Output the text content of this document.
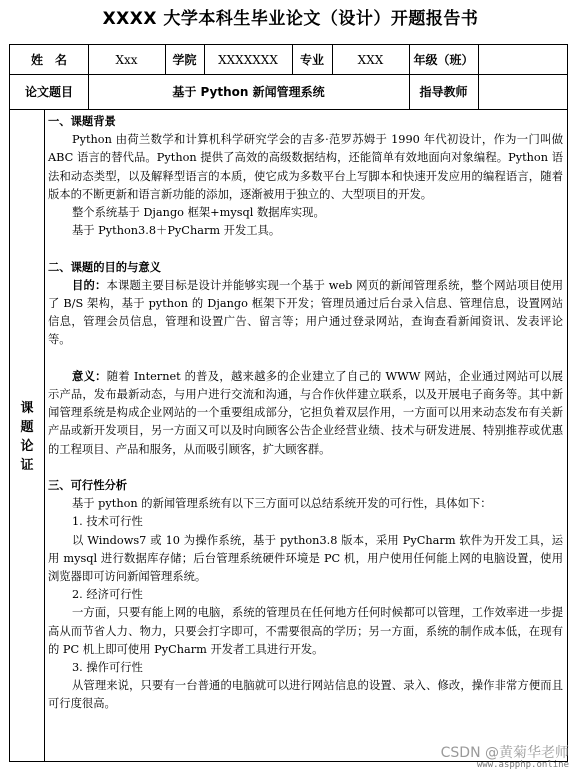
XXXX 大学本科生毕业论文（设计）开题报告书
姓　名	Xxx	学院	XXXXXXX	专业	XXX	年级（班）
论文题目	基于 Python 新闻管理系统	指导教师
课题论证

一、课题背景

Python 由荷兰数学和计算机科学研究学会的吉多·范罗苏姆于 1990 年代初设计，作为一门叫做 ABC 语言的替代品。Python 提供了高效的高级数据结构，还能简单有效地面向对象编程。Python 语法和动态类型，以及解释型语言的本质，使它成为多数平台上写脚本和快速开发应用的编程语言，随着版本的不断更新和语言新功能的添加，逐渐被用于独立的、大型项目的开发。

整个系统基于 Django 框架+mysql 数据库实现。

基于 Python3.8＋PyCharm 开发工具。

二、课题的目的与意义

目的：本课题主要目标是设计并能够实现一个基于 web 网页的新闻管理系统，整个网站项目使用了 B/S 架构，基于 python 的 Django 框架下开发；管理员通过后台录入信息、管理信息，设置网站信息，管理会员信息，管理和设置广告、留言等；用户通过登录网站，查询查看新闻资讯、发表评论等。

意义：随着 Internet 的普及，越来越多的企业建立了自己的 WWW 网站，企业通过网站可以展示产品，发布最新动态，与用户进行交流和沟通，与合作伙伴建立联系，以及开展电子商务等。其中新闻管理系统是构成企业网站的一个重要组成部分，它担负着双层作用，一方面可以用来动态发布有关新产品或新开发项目，另一方面又可以及时向顾客公告企业经营业绩、技术与研发进展、特别推荐或优惠的工程项目、产品和服务，从而吸引顾客，扩大顾客群。

三、可行性分析

基于 python 的新闻管理系统有以下三方面可以总结系统开发的可行性，具体如下：

1. 技术可行性

以 Windows7 或 10 为操作系统，基于 python3.8 版本，采用 PyCharm 软件为开发工具，运用 mysql 进行数据库存储；后台管理系统硬件环境是 PC 机，用户使用任何能上网的电脑设置，使用浏览器即可访问新闻管理系统。

2. 经济可行性

一方面，只要有能上网的电脑，系统的管理员在任何地方任何时候都可以管理，工作效率进一步提高从而节省人力、物力，只要会打字即可，不需要很高的学历；另一方面，系统的制作成本低，在现有的 PC 机上即可使用 PyCharm 开发者工具进行开发。

3. 操作可行性

从管理来说，只要有一台普通的电脑就可以进行网站信息的设置、录入、修改，操作非常方便而且可行度很高。

CSDN @黄菊华老师
www.aspphp.online
